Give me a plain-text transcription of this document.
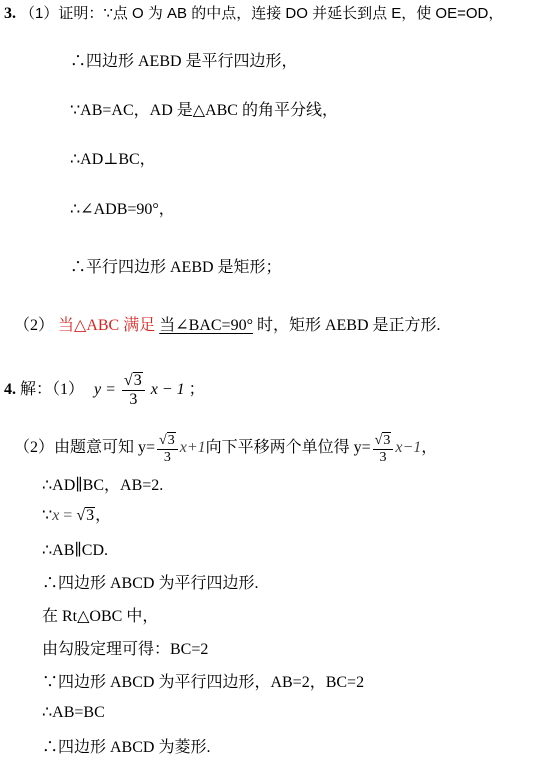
3. （1）证明：∵点 O 为 AB 的中点，连接 DO 并延长到点 E，使 OE=OD，
∴四边形 AEBD 是平行四边形，
∵AB=AC，AD 是△ABC 的角平分线，
∴AD⊥BC，
∴∠ADB=90°，
∴平行四边形 AEBD 是矩形；
（2） 当△ABC 满足 当∠BAC=90° 时，矩形 AEBD 是正方形.
4. 解：（1） $y = \frac{√3}{3}$ x − 1 ；
（2）由题意可知 $y= \frac{√3}{3} x+1$向下平移两个单位得 $y= \frac{√3}{3} x-1$，
∴AD∥BC，AB=2.
∵x = √3，
∴AB∥CD.
∴四边形 ABCD 为平行四边形.
在 Rt△OBC 中，
由勾股定理可得：BC=2
∵四边形 ABCD 为平行四边形，AB=2，BC=2
∴AB=BC
∴四边形 ABCD 为菱形.
